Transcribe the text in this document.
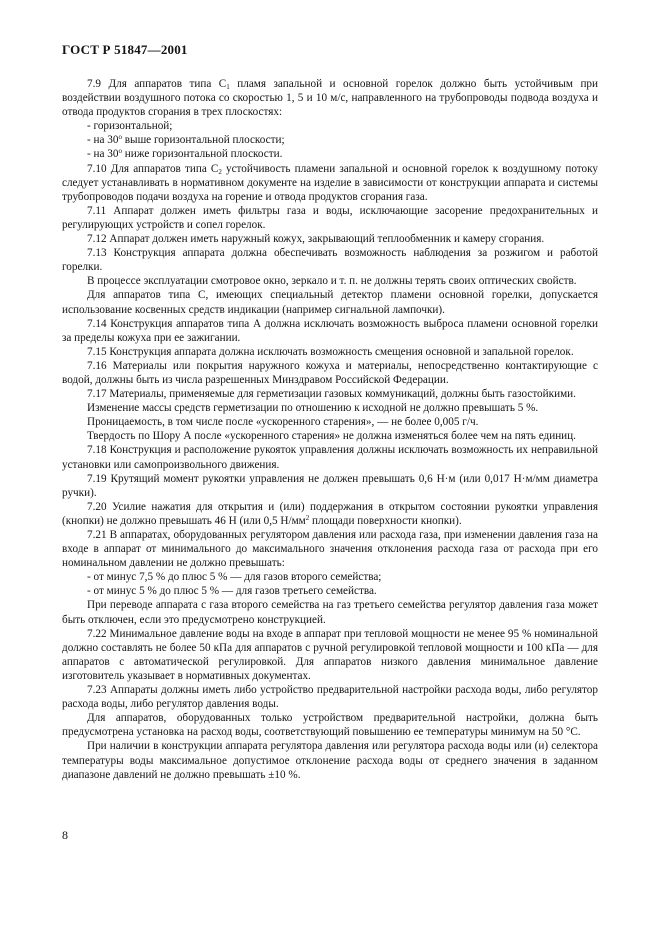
ГОСТ Р 51847—2001

7.9 Для аппаратов типа $С_1$ пламя запальной и основной горелок должно быть устойчивым при воздействии воздушного потока со скоростью 1, 5 и 10 м/с, направленного на трубопроводы подвода воздуха и отвода продуктов сгорания в трех плоскостях:

- горизонтальной;

- на $30^о$ выше горизонтальной плоскости;

- на $30^о$ ниже горизонтальной плоскости.

7.10 Для аппаратов типа $С_2$ устойчивость пламени запальной и основной горелок к воздушному потоку следует устанавливать в нормативном документе на изделие в зависимости от конструкции аппарата и системы трубопроводов подачи воздуха на горение и отвода продуктов сгорания газа.

7.11 Аппарат должен иметь фильтры газа и воды, исключающие засорение предохранительных и регулирующих устройств и сопел горелок.

7.12 Аппарат должен иметь наружный кожух, закрывающий теплообменник и камеру сгорания.

7.13 Конструкция аппарата должна обеспечивать возможность наблюдения за розжигом и работой горелки.

В процессе эксплуатации смотровое окно, зеркало и т. п. не должны терять своих оптических свойств.

Для аппаратов типа С, имеющих специальный детектор пламени основной горелки, допускается использование косвенных средств индикации (например сигнальной лампочки).

7.14 Конструкция аппаратов типа А должна исключать возможность выброса пламени основной горелки за пределы кожуха при ее зажигании.

7.15 Конструкция аппарата должна исключать возможность смещения основной и запальной горелок.

7.16 Материалы или покрытия наружного кожуха и материалы, непосредственно контактирующие с водой, должны быть из числа разрешенных Минздравом Российской Федерации.

7.17 Материалы, применяемые для герметизации газовых коммуникаций, должны быть газостойкими.

Изменение массы средств герметизации по отношению к исходной не должно превышать 5 %.

Проницаемость, в том числе после «ускоренного старения», — не более 0,005 г/ч.

Твердость по Шору А после «ускоренного старения» не должна изменяться более чем на пять единиц.

7.18 Конструкция и расположение рукояток управления должны исключать возможность их неправильной установки или самопроизвольного движения.

7.19 Крутящий момент рукоятки управления не должен превышать 0,6 Н·м (или 0,017 Н·м/мм диаметра ручки).

7.20 Усилие нажатия для открытия и (или) поддержания в открытом состоянии рукоятки управления (кнопки) не должно превышать 46 Н (или 0,5 $Н/мм^2$ площади поверхности кнопки).

7.21 В аппаратах, оборудованных регулятором давления или расхода газа, при изменении давления газа на входе в аппарат от минимального до максимального значения отклонения расхода газа от расхода при его номинальном давлении не должно превышать:

- от минус 7,5 % до плюс 5 % — для газов второго семейства;

- от минус 5 % до плюс 5 % — для газов третьего семейства.

При переводе аппарата с газа второго семейства на газ третьего семейства регулятор давления газа может быть отключен, если это предусмотрено конструкцией.

7.22 Минимальное давление воды на входе в аппарат при тепловой мощности не менее 95 % номинальной должно составлять не более 50 кПа для аппаратов с ручной регулировкой тепловой мощности и 100 кПа — для аппаратов с автоматической регулировкой. Для аппаратов низкого давления минимальное давление изготовитель указывает в нормативных документах.

7.23 Аппараты должны иметь либо устройство предварительной настройки расхода воды, либо регулятор расхода воды, либо регулятор давления воды.

Для аппаратов, оборудованных только устройством предварительной настройки, должна быть предусмотрена установка на расход воды, соответствующий повышению ее температуры минимум на 50 °С.

При наличии в конструкции аппарата регулятора давления или регулятора расхода воды или (и) селектора температуры воды максимальное допустимое отклонение расхода воды от среднего значения в заданном диапазоне давлений не должно превышать ±10 %.

8
